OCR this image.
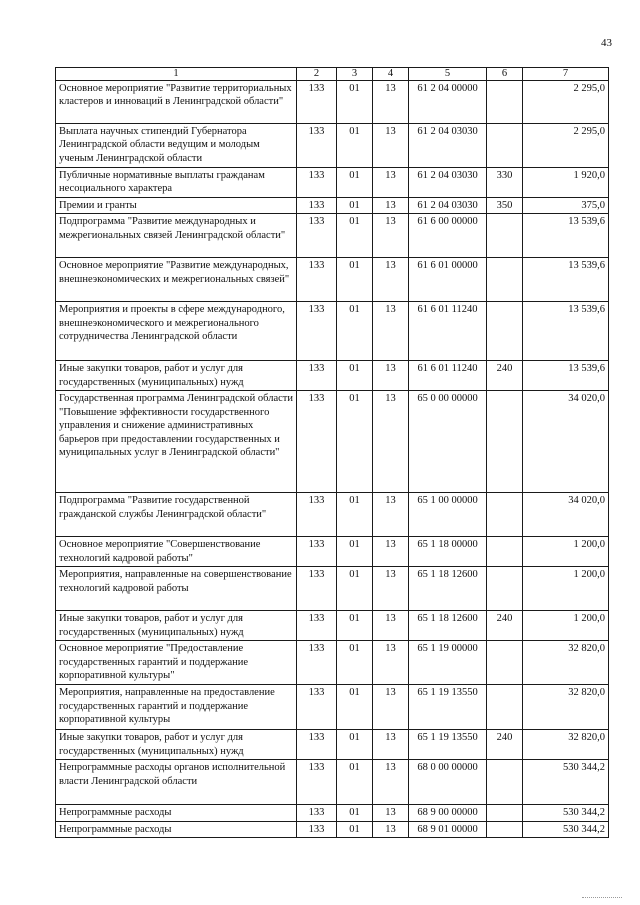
43
1	2	3	4	5	6	7
Основное мероприятие "Развитие территориальных кластеров и инноваций в Ленинградской области"	133	01	13	61 2 04 00000		2 295,0
Выплата научных стипендий Губернатора Ленинградской области ведущим и молодым ученым Ленинградской области	133	01	13	61 2 04 03030		2 295,0
Публичные нормативные выплаты гражданам несоциального характера	133	01	13	61 2 04 03030	330	1 920,0
Премии и гранты	133	01	13	61 2 04 03030	350	375,0
Подпрограмма "Развитие международных и межрегиональных связей Ленинградской области"	133	01	13	61 6 00 00000		13 539,6
Основное мероприятие "Развитие международных, внешнеэкономических и межрегиональных связей"	133	01	13	61 6 01 00000		13 539,6
Мероприятия и проекты в сфере международного, внешнеэкономического и межрегионального сотрудничества Ленинградской области	133	01	13	61 6 01 11240		13 539,6
Иные закупки товаров, работ и услуг для государственных (муниципальных) нужд	133	01	13	61 6 01 11240	240	13 539,6
Государственная программа Ленинградской области "Повышение эффективности государственного управления и снижение административных барьеров при предоставлении государственных и муниципальных услуг в Ленинградской области"	133	01	13	65 0 00 00000		34 020,0
Подпрограмма "Развитие государственной гражданской службы Ленинградской области"	133	01	13	65 1 00 00000		34 020,0
Основное мероприятие "Совершенствование технологий кадровой работы"	133	01	13	65 1 18 00000		1 200,0
Мероприятия, направленные на совершенствование технологий кадровой работы	133	01	13	65 1 18 12600		1 200,0
Иные закупки товаров, работ и услуг для государственных (муниципальных) нужд	133	01	13	65 1 18 12600	240	1 200,0
Основное мероприятие "Предоставление государственных гарантий и поддержание корпоративной культуры"	133	01	13	65 1 19 00000		32 820,0
Мероприятия, направленные на предоставление государственных гарантий и поддержание корпоративной культуры	133	01	13	65 1 19 13550		32 820,0
Иные закупки товаров, работ и услуг для государственных (муниципальных) нужд	133	01	13	65 1 19 13550	240	32 820,0
Непрограммные расходы органов исполнительной власти Ленинградской области	133	01	13	68 0 00 00000		530 344,2
Непрограммные расходы	133	01	13	68 9 00 00000		530 344,2
Непрограммные расходы	133	01	13	68 9 01 00000		530 344,2
